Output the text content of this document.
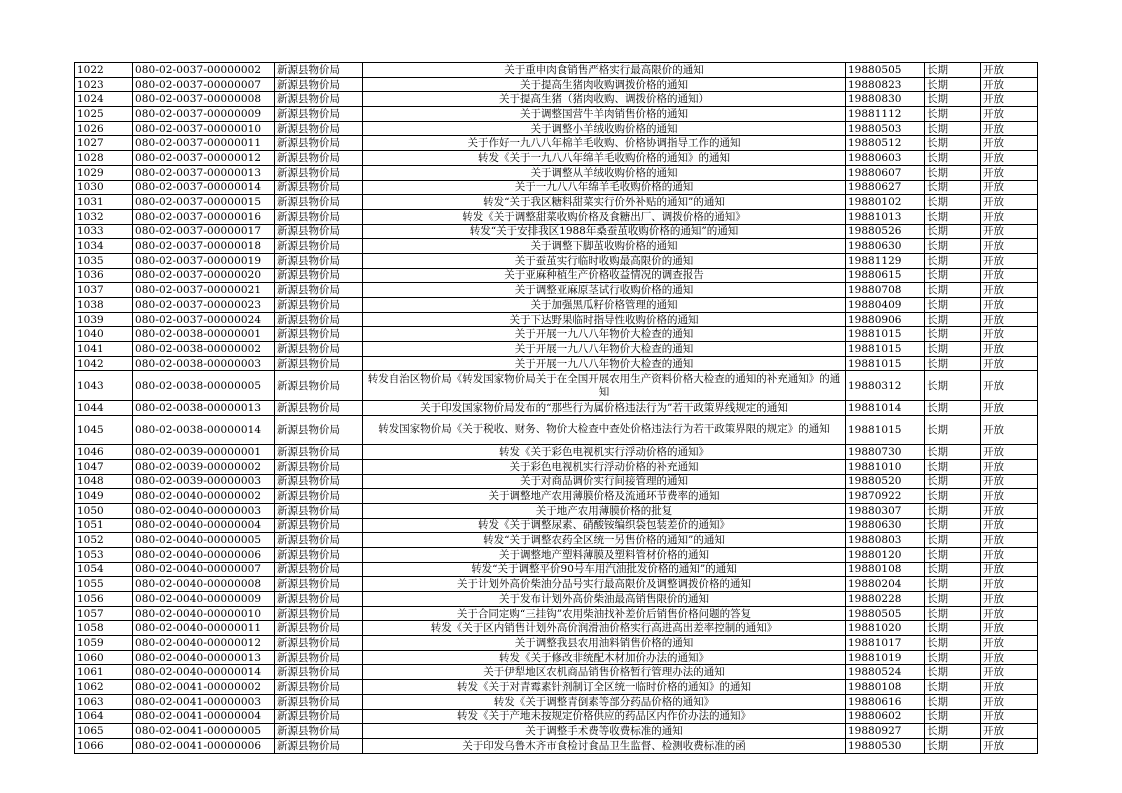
1022	080-02-0037-00000002	新源县物价局	关于重申肉食销售严格实行最高限价的通知	19880505	长期	开放
1023	080-02-0037-00000007	新源县物价局	关于提高生猪肉收购调拨价格的通知	19880823	长期	开放
1024	080-02-0037-00000008	新源县物价局	关于提高生猪（猪肉收购、调拨价格的通知）	19880830	长期	开放
1025	080-02-0037-00000009	新源县物价局	关于调整国营牛羊肉销售价格的通知	19881112	长期	开放
1026	080-02-0037-00000010	新源县物价局	关于调整小羊绒收购价格的通知	19880503	长期	开放
1027	080-02-0037-00000011	新源县物价局	关于作好一九八八年棉羊毛收购、价格协调指导工作的通知	19880512	长期	开放
1028	080-02-0037-00000012	新源县物价局	转发《关于一九八八年绵羊毛收购价格的通知》的通知	19880603	长期	开放
1029	080-02-0037-00000013	新源县物价局	关于调整从羊绒收购价格的通知	19880607	长期	开放
1030	080-02-0037-00000014	新源县物价局	关于一九八八年绵羊毛收购价格的通知	19880627	长期	开放
1031	080-02-0037-00000015	新源县物价局	转发“关于我区糖料甜菜实行价外补贴的通知”的通知	19880102	长期	开放
1032	080-02-0037-00000016	新源县物价局	转发《关于调整甜菜收购价格及食糖出厂、调拨价格的通知》	19881013	长期	开放
1033	080-02-0037-00000017	新源县物价局	转发“关于安排我区1988年桑蚕茧收购价格的通知”的通知	19880526	长期	开放
1034	080-02-0037-00000018	新源县物价局	关于调整下脚茧收购价格的通知	19880630	长期	开放
1035	080-02-0037-00000019	新源县物价局	关于蚕茧实行临时收购最高限价的通知	19881129	长期	开放
1036	080-02-0037-00000020	新源县物价局	关于亚麻种植生产价格收益情况的调查报告	19880615	长期	开放
1037	080-02-0037-00000021	新源县物价局	关于调整亚麻原茎试行收购价格的通知	19880708	长期	开放
1038	080-02-0037-00000023	新源县物价局	关于加强黑瓜籽价格管理的通知	19880409	长期	开放
1039	080-02-0037-00000024	新源县物价局	关于下达野果临时指导性收购价格的通知	19880906	长期	开放
1040	080-02-0038-00000001	新源县物价局	关于开展一九八八年物价大检查的通知	19881015	长期	开放
1041	080-02-0038-00000002	新源县物价局	关于开展一九八八年物价大检查的通知	19881015	长期	开放
1042	080-02-0038-00000003	新源县物价局	关于开展一九八八年物价大检查的通知	19881015	长期	开放
1043	080-02-0038-00000005	新源县物价局	转发自治区物价局《转发国家物价局关于在全国开展农用生产资料价格大检查的通知的补充通知》的通知	19880312	长期	开放
1044	080-02-0038-00000013	新源县物价局	关于印发国家物价局发布的“那些行为属价格违法行为”若干政策界线规定的通知	19881014	长期	开放
1045	080-02-0038-00000014	新源县物价局	转发国家物价局《关于税收、财务、物价大检查中查处价格违法行为若干政策界限的规定》的通知	19881015	长期	开放
1046	080-02-0039-00000001	新源县物价局	转发《关于彩色电视机实行浮动价格的通知》	19880730	长期	开放
1047	080-02-0039-00000002	新源县物价局	关于彩色电视机实行浮动价格的补充通知	19881010	长期	开放
1048	080-02-0039-00000003	新源县物价局	关于对商品调价实行间接管理的通知	19880520	长期	开放
1049	080-02-0040-00000002	新源县物价局	关于调整地产农用薄膜价格及流通环节费率的通知	19870922	长期	开放
1050	080-02-0040-00000003	新源县物价局	关于地产农用薄膜价格的批复	19880307	长期	开放
1051	080-02-0040-00000004	新源县物价局	转发《关于调整尿素、硝酸铵编织袋包装差价的通知》	19880630	长期	开放
1052	080-02-0040-00000005	新源县物价局	转发“关于调整农药全区统一另售价格的通知”的通知	19880803	长期	开放
1053	080-02-0040-00000006	新源县物价局	关于调整地产塑料薄膜及塑料管材价格的通知	19880120	长期	开放
1054	080-02-0040-00000007	新源县物价局	转发“关于调整平价90号车用汽油批发价格的通知”的通知	19880108	长期	开放
1055	080-02-0040-00000008	新源县物价局	关于计划外高价柴油分品号实行最高限价及调整调拨价格的通知	19880204	长期	开放
1056	080-02-0040-00000009	新源县物价局	关于发布计划外高价柴油最高销售限价的通知	19880228	长期	开放
1057	080-02-0040-00000010	新源县物价局	关于合同定购“三挂钩”农用柴油找补差价后销售价格问题的答复	19880505	长期	开放
1058	080-02-0040-00000011	新源县物价局	转发《关于区内销售计划外高价润滑油价格实行高进高出差率控制的通知》	19881020	长期	开放
1059	080-02-0040-00000012	新源县物价局	关于调整我县农用油料销售价格的通知	19881017	长期	开放
1060	080-02-0040-00000013	新源县物价局	转发《关于修改非统配木材加价办法的通知》	19881019	长期	开放
1061	080-02-0040-00000014	新源县物价局	关于伊犁地区农机商品销售价格暂行管理办法的通知	19880524	长期	开放
1062	080-02-0041-00000002	新源县物价局	转发《关于对青霉素针剂制订全区统一临时价格的通知》的通知	19880108	长期	开放
1063	080-02-0041-00000003	新源县物价局	转发《关于调整青倒素等部分药品价格的通知》	19880616	长期	开放
1064	080-02-0041-00000004	新源县物价局	转发《关于产地未按规定价格供应的药品区内作价办法的通知》	19880602	长期	开放
1065	080-02-0041-00000005	新源县物价局	关于调整手术费等收费标准的通知	19880927	长期	开放
1066	080-02-0041-00000006	新源县物价局	关于印发乌鲁木齐市食检讨食品卫生监督、检测收费标准的函	19880530	长期	开放
